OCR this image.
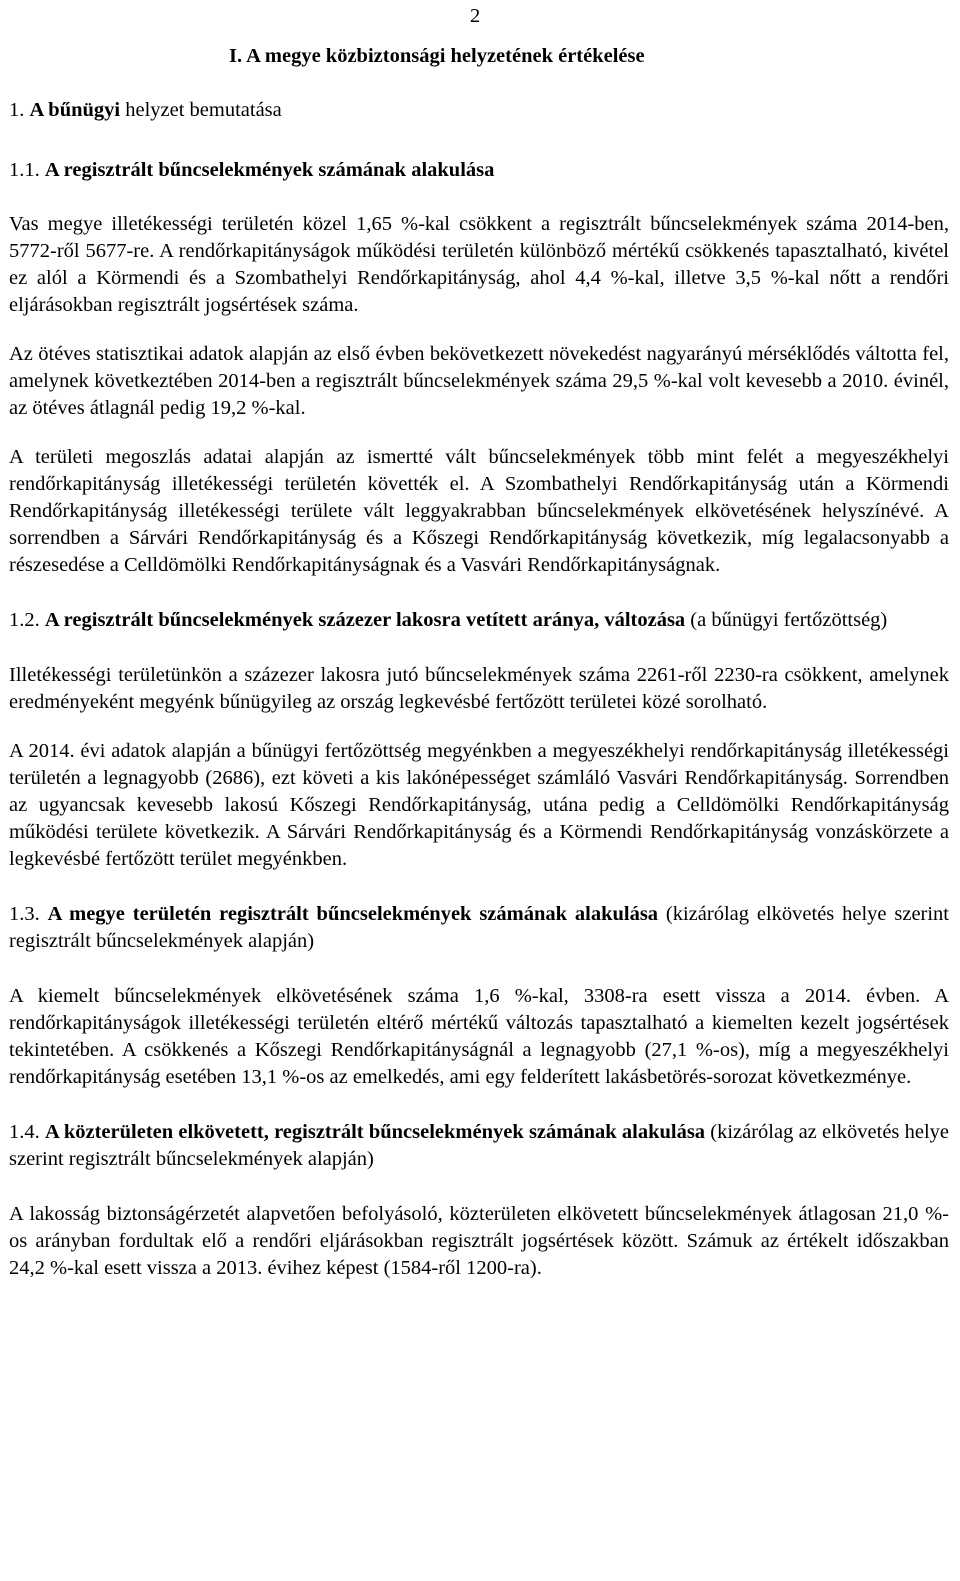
2
I. A megye közbiztonsági helyzetének értékelése
1. A bűnügyi helyzet bemutatása
1.1. A regisztrált bűncselekmények számának alakulása

Vas megye illetékességi területén közel 1,65 %-kal csökkent a regisztrált bűncselekmények száma 2014-ben, 5772-ről 5677-re. A rendőrkapitányságok működési területén különböző mértékű csökkenés tapasztalható, kivétel ez alól a Körmendi és a Szombathelyi Rendőrkapitányság, ahol 4,4 %-kal, illetve 3,5 %-kal nőtt a rendőri eljárásokban regisztrált jogsértések száma.

Az ötéves statisztikai adatok alapján az első évben bekövetkezett növekedést nagyarányú mérséklődés váltotta fel, amelynek következtében 2014-ben a regisztrált bűncselekmények száma 29,5 %-kal volt kevesebb a 2010. évinél, az ötéves átlagnál pedig 19,2 %-kal.

A területi megoszlás adatai alapján az ismertté vált bűncselekmények több mint felét a megyeszékhelyi rendőrkapitányság illetékességi területén követték el. A Szombathelyi Rendőrkapitányság után a Körmendi Rendőrkapitányság illetékességi területe vált leggyakrabban bűncselekmények elkövetésének helyszínévé. A sorrendben a Sárvári Rendőrkapitányság és a Kőszegi Rendőrkapitányság következik, míg legalacsonyabb a részesedése a Celldömölki Rendőrkapitányságnak és a Vasvári Rendőrkapitányságnak.

1.2. A regisztrált bűncselekmények százezer lakosra vetített aránya, változása (a bűnügyi fertőzöttség)

Illetékességi területünkön a százezer lakosra jutó bűncselekmények száma 2261-ről 2230-ra csökkent, amelynek eredményeként megyénk bűnügyileg az ország legkevésbé fertőzött területei közé sorolható.

A 2014. évi adatok alapján a bűnügyi fertőzöttség megyénkben a megyeszékhelyi rendőrkapitányság illetékességi területén a legnagyobb (2686), ezt követi a kis lakónépességet számláló Vasvári Rendőrkapitányság. Sorrendben az ugyancsak kevesebb lakosú Kőszegi Rendőrkapitányság, utána pedig a Celldömölki Rendőrkapitányság működési területe következik. A Sárvári Rendőrkapitányság és a Körmendi Rendőrkapitányság vonzáskörzete a legkevésbé fertőzött terület megyénkben.

1.3. A megye területén regisztrált bűncselekmények számának alakulása (kizárólag elkövetés helye szerint regisztrált bűncselekmények alapján)

A kiemelt bűncselekmények elkövetésének száma 1,6 %-kal, 3308-ra esett vissza a 2014. évben. A rendőrkapitányságok illetékességi területén eltérő mértékű változás tapasztalható a kiemelten kezelt jogsértések tekintetében. A csökkenés a Kőszegi Rendőrkapitányságnál a legnagyobb (27,1 %-os), míg a megyeszékhelyi rendőrkapitányság esetében 13,1 %-os az emelkedés, ami egy felderített lakásbetörés-sorozat következménye.

1.4. A közterületen elkövetett, regisztrált bűncselekmények számának alakulása (kizárólag az elkövetés helye szerint regisztrált bűncselekmények alapján)

A lakosság biztonságérzetét alapvetően befolyásoló, közterületen elkövetett bűncselekmények átlagosan 21,0 %-os arányban fordultak elő a rendőri eljárásokban regisztrált jogsértések között. Számuk az értékelt időszakban 24,2 %-kal esett vissza a 2013. évihez képest (1584-ről 1200-ra).
